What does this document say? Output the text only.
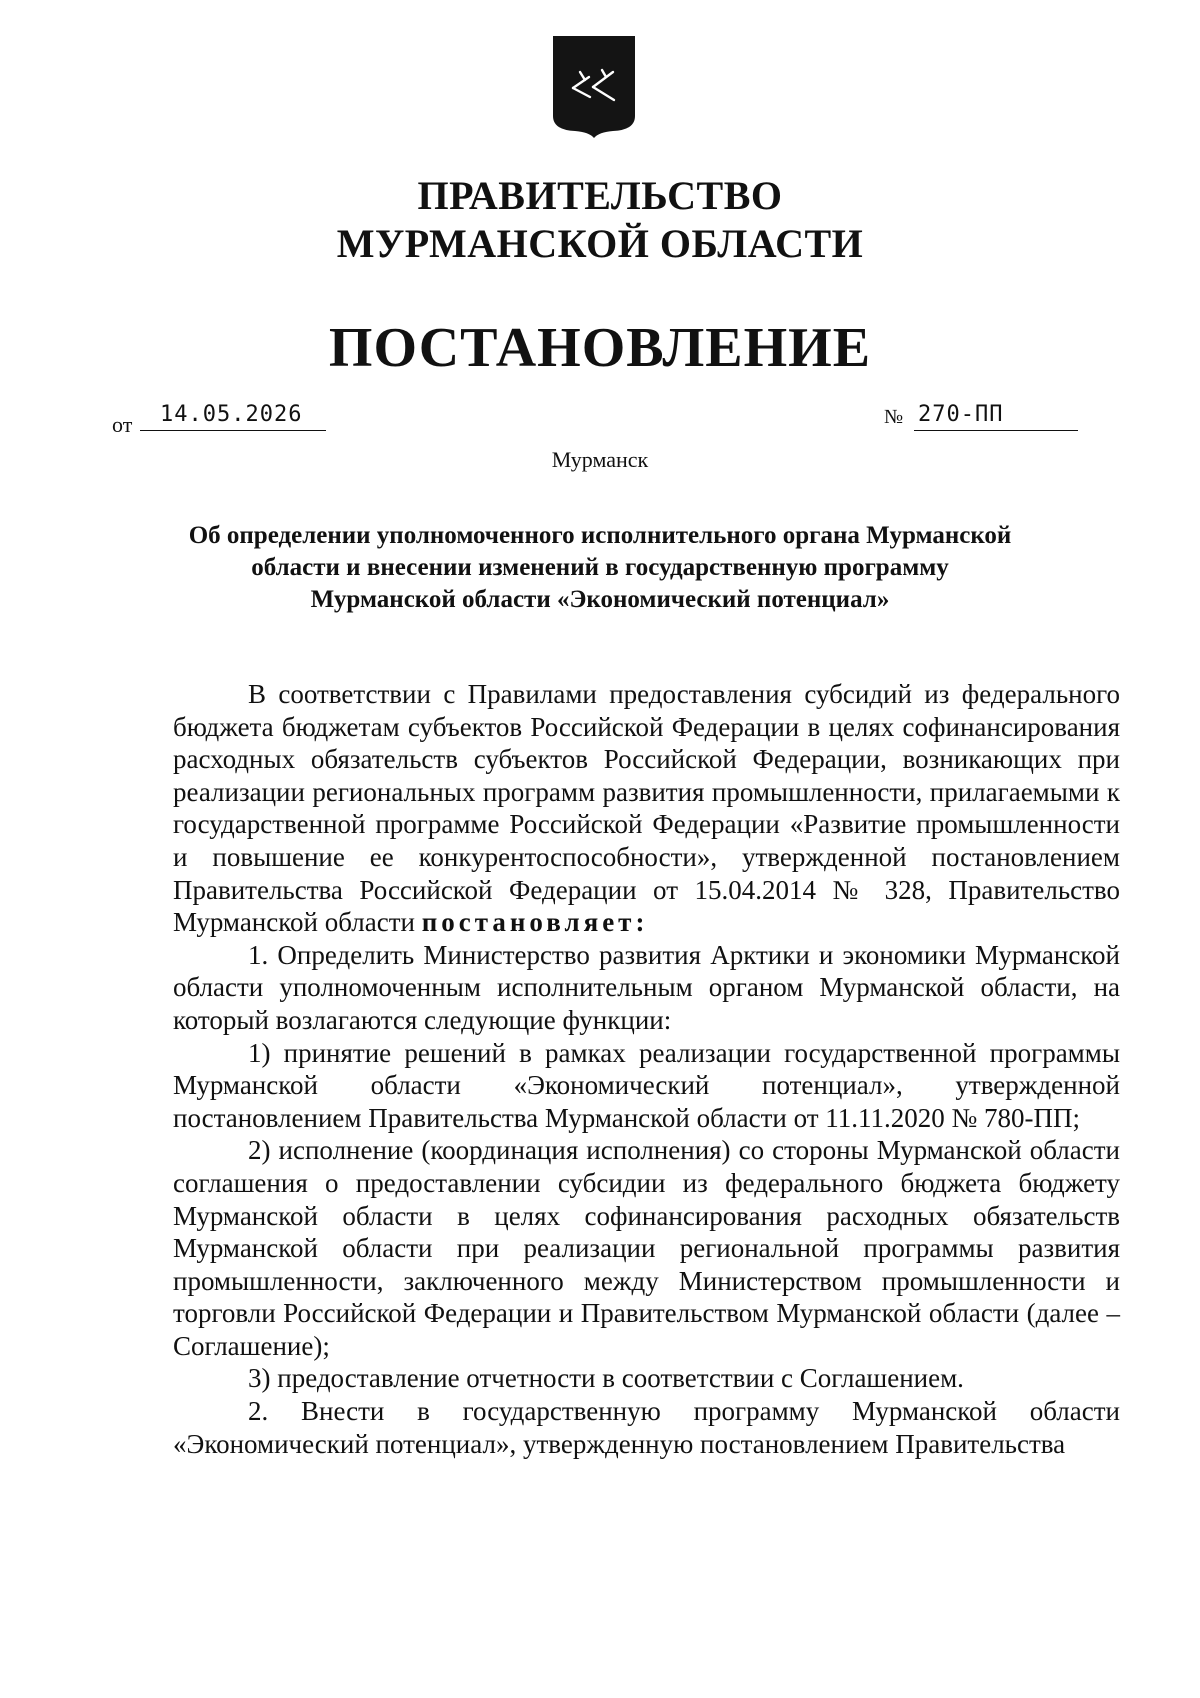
ПРАВИТЕЛЬСТВО
МУРМАНСКОЙ ОБЛАСТИ
ПОСТАНОВЛЕНИЕ
от 14.05.2026	№ 270-ПП
Мурманск
Об определении уполномоченного исполнительного органа Мурманской области и внесении изменений в государственную программу Мурманской области «Экономический потенциал»

В соответствии с Правилами предоставления субсидий из федерального бюджета бюджетам субъектов Российской Федерации в целях софинансирования расходных обязательств субъектов Российской Федерации, возникающих при реализации региональных программ развития промышленности, прилагаемыми к государственной программе Российской Федерации «Развитие промышленности и повышение ее конкурентоспособности», утвержденной постановлением Правительства Российской Федерации от 15.04.2014 № 328, Правительство Мурманской области постановляет:

1. Определить Министерство развития Арктики и экономики Мурманской области уполномоченным исполнительным органом Мурманской области, на который возлагаются следующие функции:

1) принятие решений в рамках реализации государственной программы Мурманской области «Экономический потенциал», утвержденной постановлением Правительства Мурманской области от 11.11.2020 № 780-ПП;

2) исполнение (координация исполнения) со стороны Мурманской области соглашения о предоставлении субсидии из федерального бюджета бюджету Мурманской области в целях софинансирования расходных обязательств Мурманской области при реализации региональной программы развития промышленности, заключенного между Министерством промышленности и торговли Российской Федерации и Правительством Мурманской области (далее – Соглашение);

3) предоставление отчетности в соответствии с Соглашением.

2. Внести в государственную программу Мурманской области «Экономический потенциал», утвержденную постановлением Правительства
